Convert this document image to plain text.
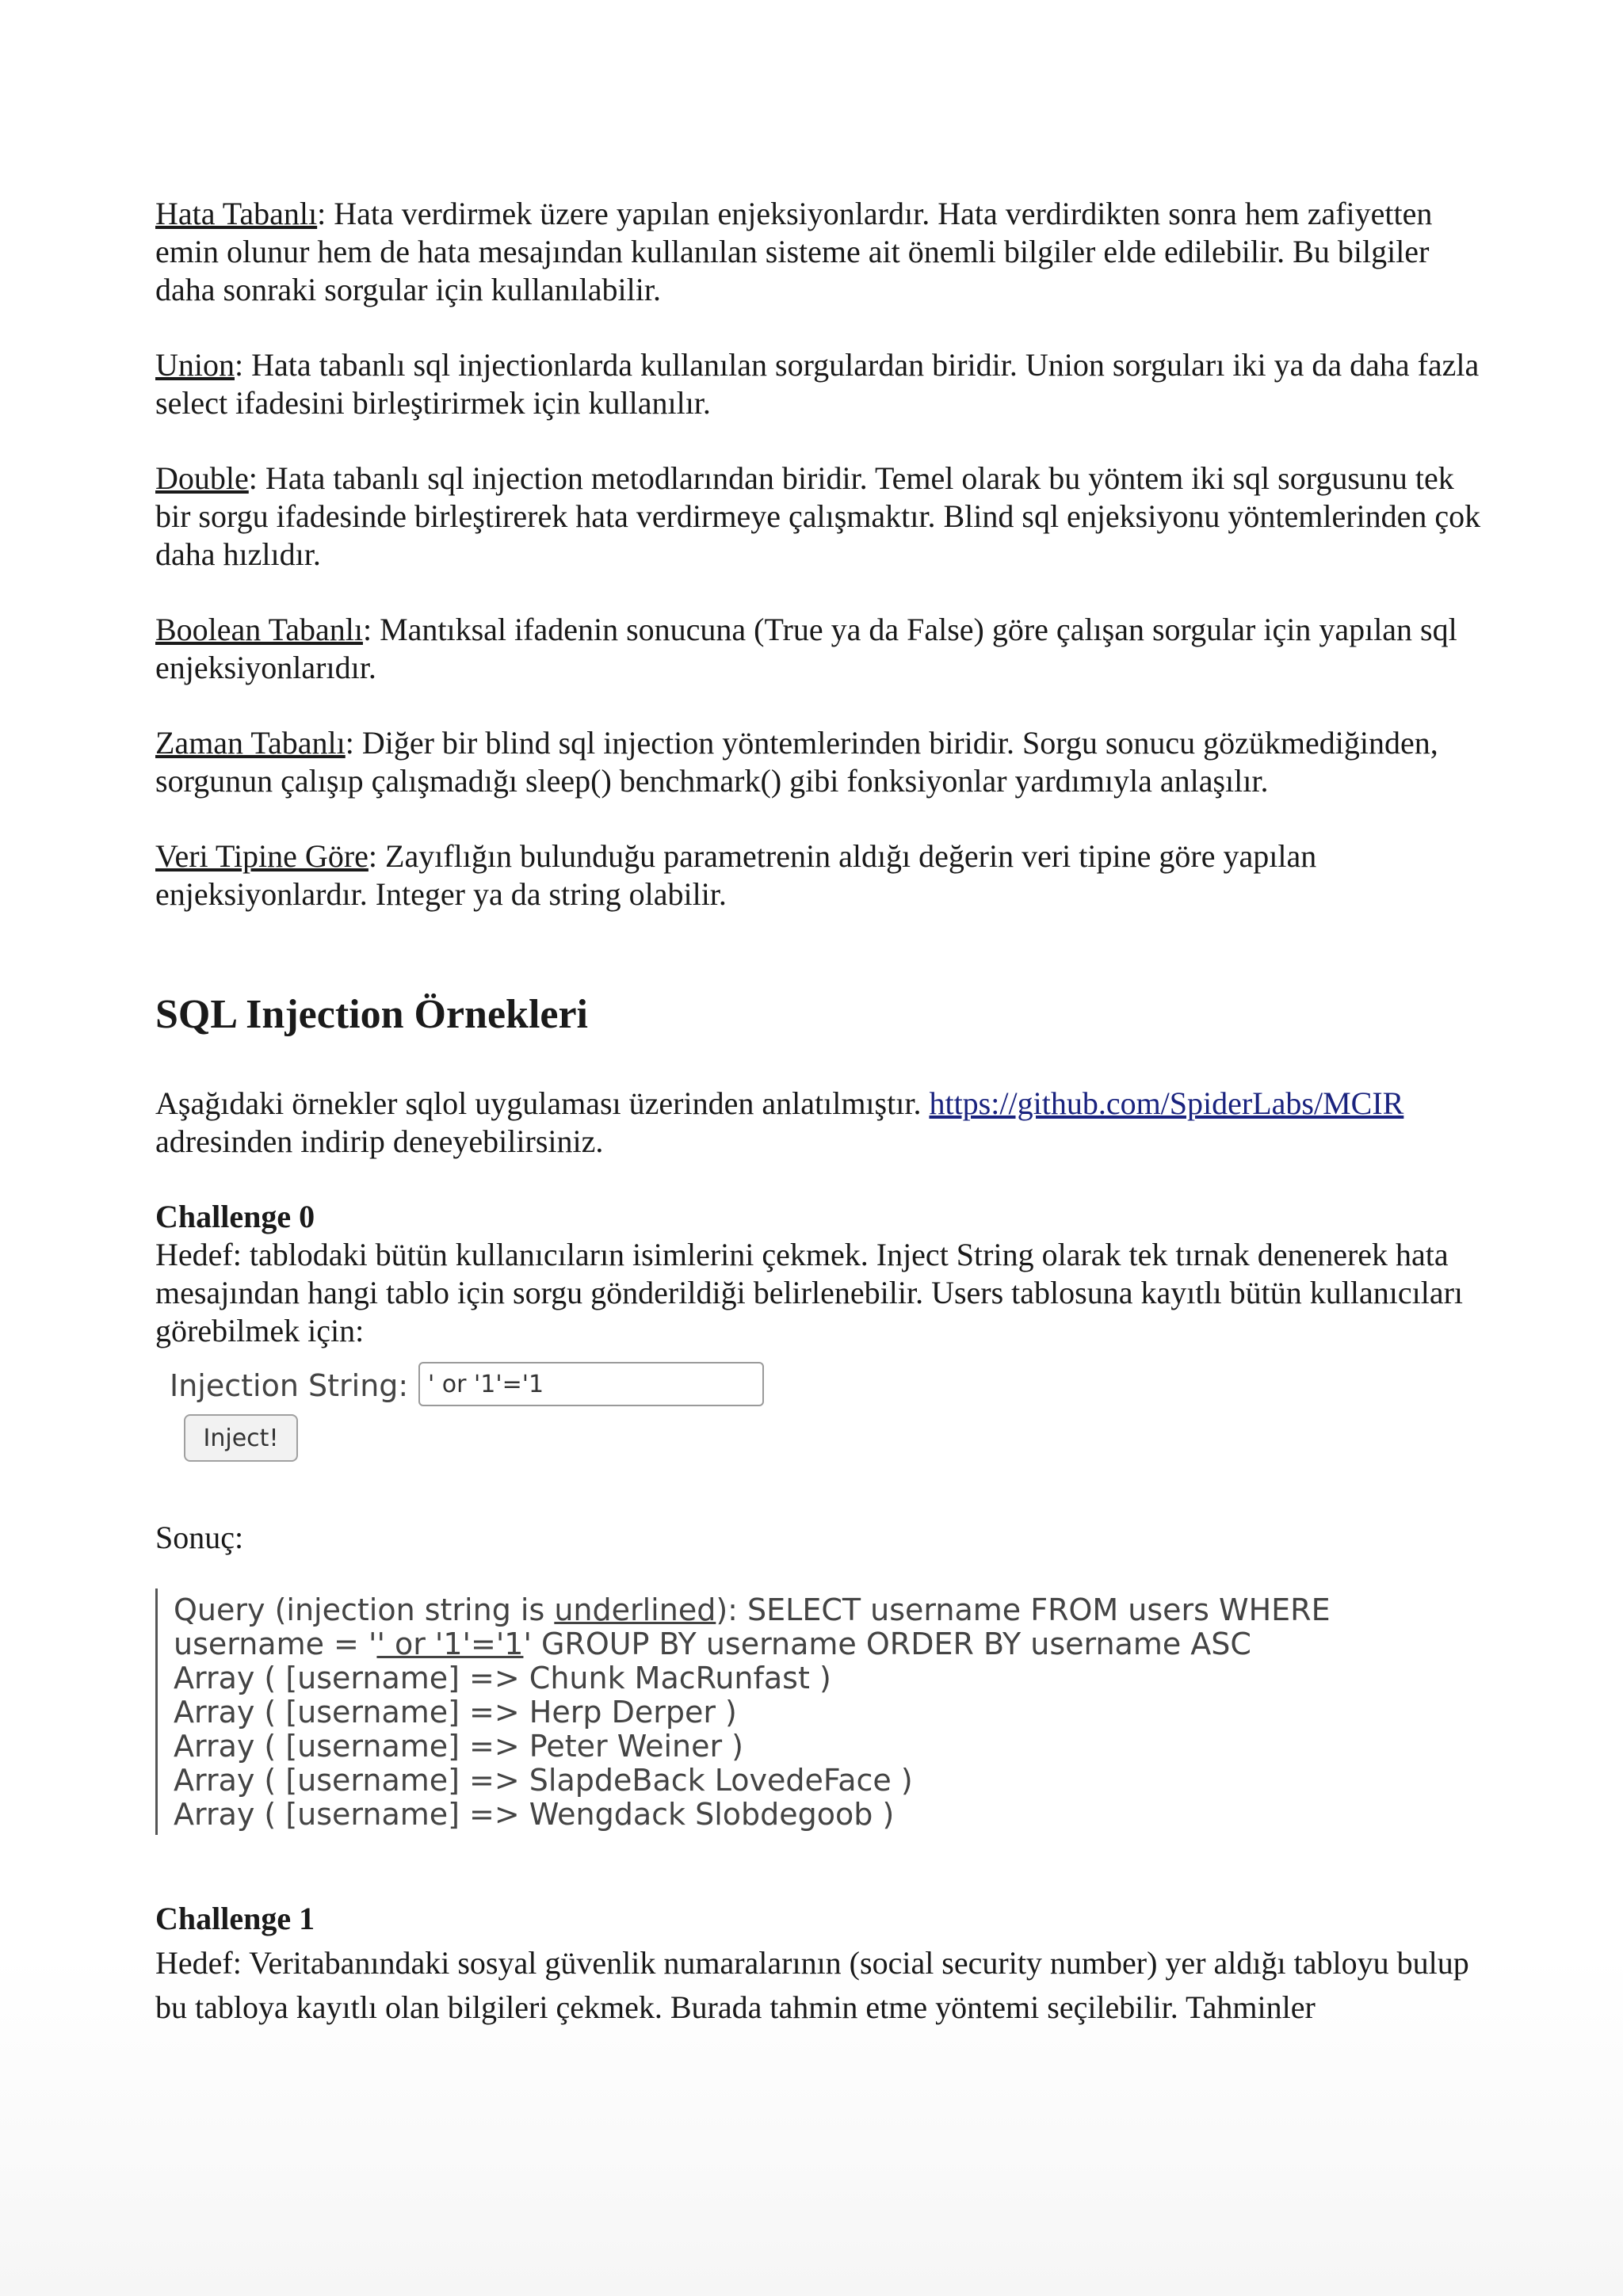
Hata Tabanlı: Hata verdirmek üzere yapılan enjeksiyonlardır. Hata verdirdikten sonra hem zafiyetten emin olunur hem de hata mesajından kullanılan sisteme ait önemli bilgiler elde edilebilir. Bu bilgiler daha sonraki sorgular için kullanılabilir.

Union: Hata tabanlı sql injectionlarda kullanılan sorgulardan biridir. Union sorguları iki ya da daha fazla select ifadesini birleştirirmek için kullanılır.

Double: Hata tabanlı sql injection metodlarından biridir. Temel olarak bu yöntem iki sql sorgusunu tek bir sorgu ifadesinde birleştirerek hata verdirmeye çalışmaktır. Blind sql enjeksiyonu yöntemlerinden çok daha hızlıdır.

Boolean Tabanlı: Mantıksal ifadenin sonucuna (True ya da False) göre çalışan sorgular için yapılan sql enjeksiyonlarıdır.

Zaman Tabanlı: Diğer bir blind sql injection yöntemlerinden biridir. Sorgu sonucu gözükmediğinden, sorgunun çalışıp çalışmadığı sleep() benchmark() gibi fonksiyonlar yardımıyla anlaşılır.

Veri Tipine Göre: Zayıflığın bulunduğu parametrenin aldığı değerin veri tipine göre yapılan enjeksiyonlardır. Integer ya da string olabilir.

SQL Injection Örnekleri

Aşağıdaki örnekler sqlol uygulaması üzerinden anlatılmıştır. https://github.com/SpiderLabs/MCIR adresinden indirip deneyebilirsiniz.

Challenge 0
Hedef: tablodaki bütün kullanıcıların isimlerini çekmek. Inject String olarak tek tırnak denenerek hata mesajından hangi tablo için sorgu gönderildiği belirlenebilir. Users tablosuna kayıtlı bütün kullanıcıları görebilmek için:

Injection String:
' or '1'='1
Inject!
Sonuç:
Query (injection string is underlined): SELECT username FROM users WHERE
username = '' or '1'='1' GROUP BY username ORDER BY username ASC
Array ( [username] => Chunk MacRunfast )
Array ( [username] => Herp Derper )
Array ( [username] => Peter Weiner )
Array ( [username] => SlapdeBack LovedeFace )
Array ( [username] => Wengdack Slobdegoob )

Challenge 1
Hedef: Veritabanındaki sosyal güvenlik numaralarının (social security number) yer aldığı tabloyu bulup bu tabloya kayıtlı olan bilgileri çekmek. Burada tahmin etme yöntemi seçilebilir. Tahminler
